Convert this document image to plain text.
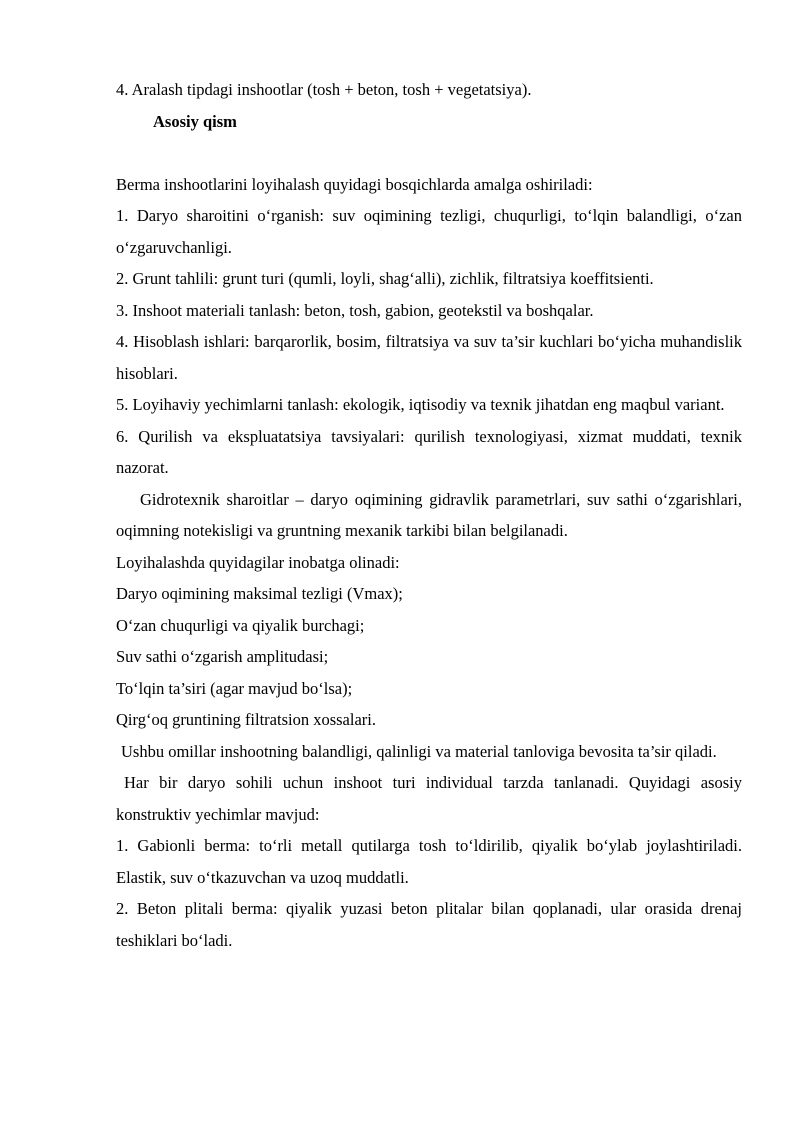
4. Aralash tipdagi inshootlar (tosh + beton, tosh + vegetatsiya).

Asosiy qism

Berma inshootlarini loyihalash quyidagi bosqichlarda amalga oshiriladi:

1. Daryo sharoitini o‘rganish: suv oqimining tezligi, chuqurligi, to‘lqin balandligi, o‘zan o‘zgaruvchanligi.

2. Grunt tahlili: grunt turi (qumli, loyli, shag‘alli), zichlik, filtratsiya koeffitsienti.

3. Inshoot materiali tanlash: beton, tosh, gabion, geotekstil va boshqalar.

4. Hisoblash ishlari: barqarorlik, bosim, filtratsiya va suv ta’sir kuchlari bo‘yicha muhandislik hisoblari.

5. Loyihaviy yechimlarni tanlash: ekologik, iqtisodiy va texnik jihatdan eng maqbul variant.

6. Qurilish va ekspluatatsiya tavsiyalari: qurilish texnologiyasi, xizmat muddati, texnik nazorat.

Gidrotexnik sharoitlar – daryo oqimining gidravlik parametrlari, suv sathi o‘zgarishlari, oqimning notekisligi va gruntning mexanik tarkibi bilan belgilanadi.

Loyihalashda quyidagilar inobatga olinadi:

Daryo oqimining maksimal tezligi (Vmax);

O‘zan chuqurligi va qiyalik burchagi;

Suv sathi o‘zgarish amplitudasi;

To‘lqin ta’siri (agar mavjud bo‘lsa);

Qirg‘oq gruntining filtratsion xossalari.

Ushbu omillar inshootning balandligi, qalinligi va material tanloviga bevosita ta’sir qiladi.

Har bir daryo sohili uchun inshoot turi individual tarzda tanlanadi. Quyidagi asosiy konstruktiv yechimlar mavjud:

1. Gabionli berma: to‘rli metall qutilarga tosh to‘ldirilib, qiyalik bo‘ylab joylashtiriladi. Elastik, suv o‘tkazuvchan va uzoq muddatli.

2. Beton plitali berma: qiyalik yuzasi beton plitalar bilan qoplanadi, ular orasida drenaj teshiklari bo‘ladi.
